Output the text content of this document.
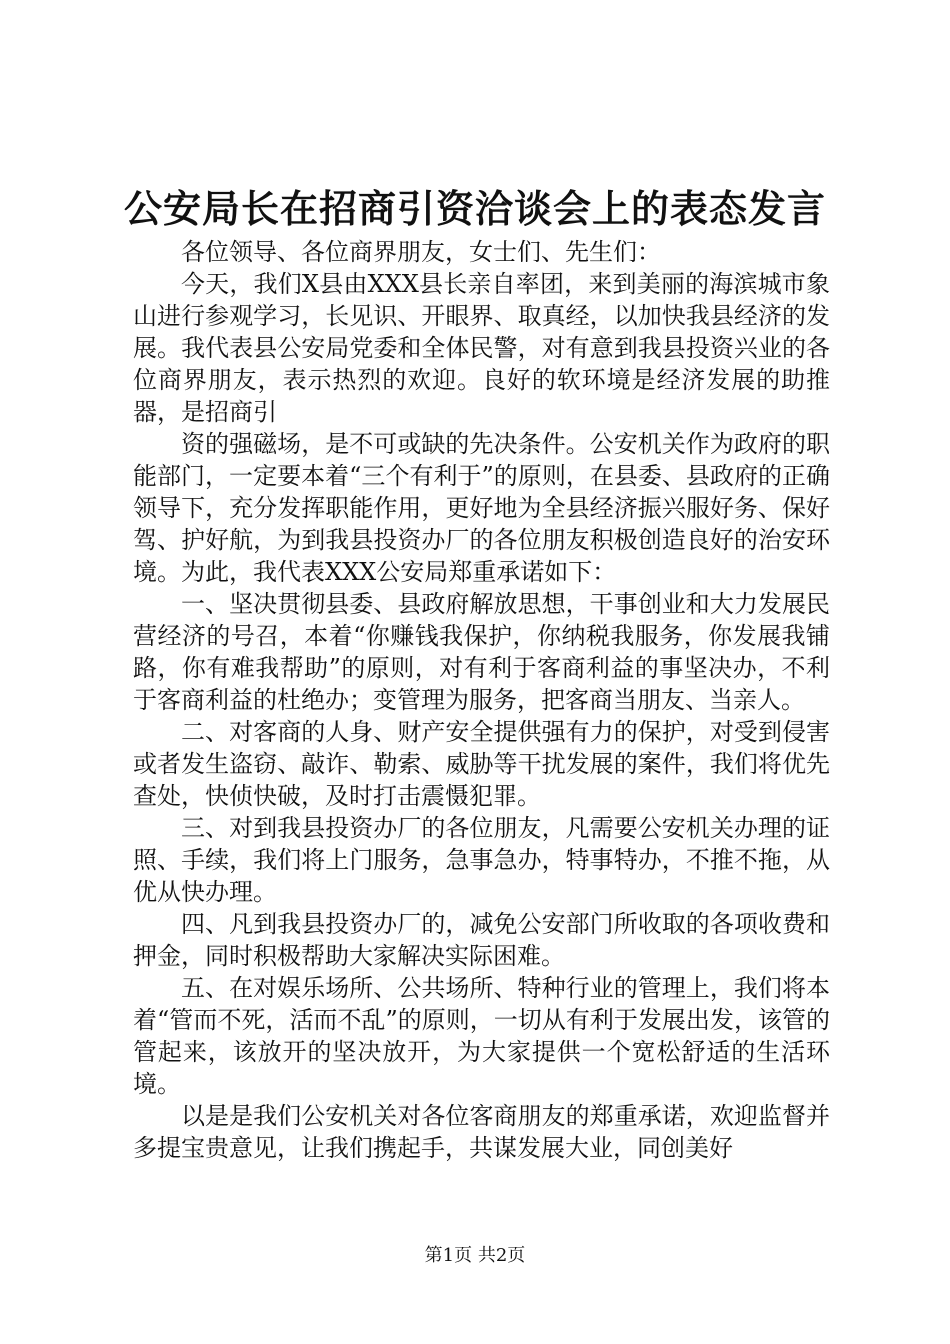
公安局长在招商引资洽谈会上的表态发言

各位领导、各位商界朋友，女士们、先生们：

今天，我们X县由XXX县长亲自率团，来到美丽的海滨城市象山进行参观学习，长见识、开眼界、取真经，以加快我县经济的发展。我代表县公安局党委和全体民警，对有意到我县投资兴业的各位商界朋友，表示热烈的欢迎。良好的软环境是经济发展的助推器，是招商引

资的强磁场，是不可或缺的先决条件。公安机关作为政府的职能部门，一定要本着“三个有利于”的原则，在县委、县政府的正确领导下，充分发挥职能作用，更好地为全县经济振兴服好务、保好驾、护好航，为到我县投资办厂的各位朋友积极创造良好的治安环境。为此，我代表XXX公安局郑重承诺如下：

一、坚决贯彻县委、县政府解放思想，干事创业和大力发展民营经济的号召，本着“你赚钱我保护，你纳税我服务，你发展我铺路，你有难我帮助”的原则，对有利于客商利益的事坚决办，不利于客商利益的杜绝办；变管理为服务，把客商当朋友、当亲人。

二、对客商的人身、财产安全提供强有力的保护，对受到侵害或者发生盗窃、敲诈、勒索、威胁等干扰发展的案件，我们将优先查处，快侦快破，及时打击震慑犯罪。

三、对到我县投资办厂的各位朋友，凡需要公安机关办理的证照、手续，我们将上门服务，急事急办，特事特办，不推不拖，从优从快办理。

四、凡到我县投资办厂的，减免公安部门所收取的各项收费和押金，同时积极帮助大家解决实际困难。

五、在对娱乐场所、公共场所、特种行业的管理上，我们将本着“管而不死，活而不乱”的原则，一切从有利于发展出发，该管的管起来，该放开的坚决放开，为大家提供一个宽松舒适的生活环境。

以是是我们公安机关对各位客商朋友的郑重承诺，欢迎监督并多提宝贵意见，让我们携起手，共谋发展大业，同创美好

第1页 共2页
